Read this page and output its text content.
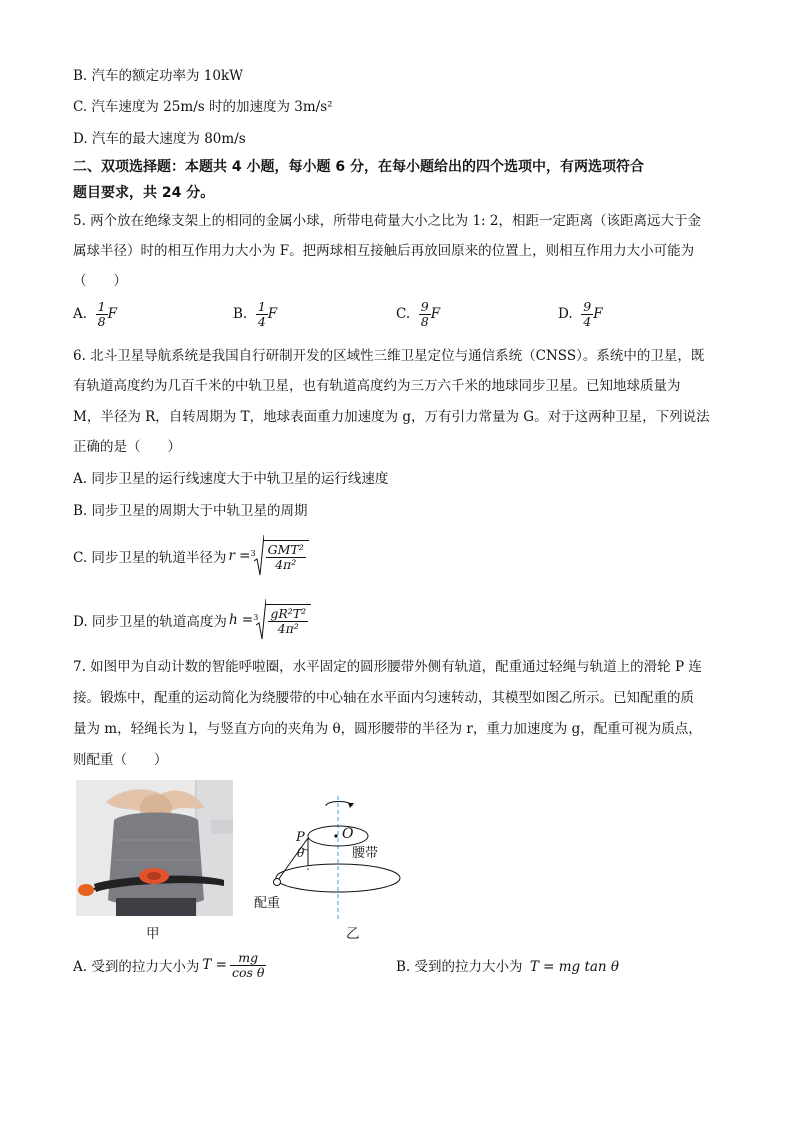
B. 汽车的额定功率为 10kW
C. 汽车速度为 25m/s 时的加速度为 3m/s²
D. 汽车的最大速度为 80m/s
二、双项选择题：本题共 4 小题，每小题 6 分，在每小题给出的四个选项中，有两选项符合
题目要求，共 24 分。
5. 两个放在绝缘支架上的相同的金属小球，所带电荷量大小之比为 1: 2，相距一定距离（该距离远大于金
属球半径）时的相互作用力大小为 F。把两球相互接触后再放回原来的位置上，则相互作用力大小可能为
（　　）
A. $\frac{1}{8}$ F	B. $\frac{1}{4}$ F	C. $\frac{9}{8}$ F	D. $\frac{9}{4}$ F
6. 北斗卫星导航系统是我国自行研制开发的区域性三维卫星定位与通信系统（CNSS）。系统中的卫星，既
有轨道高度约为几百千米的中轨卫星，也有轨道高度约为三万六千米的地球同步卫星。已知地球质量为
M，半径为 R，自转周期为 T，地球表面重力加速度为 g，万有引力常量为 G。对于这两种卫星，下列说法
正确的是（　　）
A. 同步卫星的运行线速度大于中轨卫星的运行线速度
B. 同步卫星的周期大于中轨卫星的周期
C. 同步卫星的轨道半径为 $r = 3 \frac{\text{GMT²}}{\text{4π²}}$
D. 同步卫星的轨道高度为 $h = 3 \frac{\text{gR²T²}}{\text{4π²}}$
7. 如图甲为自动计数的智能呼啦圈，水平固定的圆形腰带外侧有轨道，配重通过轻绳与轨道上的滑轮 P 连
接。锻炼中，配重的运动简化为绕腰带的中心轴在水平面内匀速转动，其模型如图乙所示。已知配重的质
量为 m，轻绳长为 l，与竖直方向的夹角为 θ，圆形腰带的半径为 r，重力加速度为 g，配重可视为质点，
则配重（　　）
甲
P	O
θ	腰带
配重
乙
A. 受到的拉力大小为 $T = \frac{mg}{\text{cos θ}}$	B. 受到的拉力大小为 T = mg tan θ
